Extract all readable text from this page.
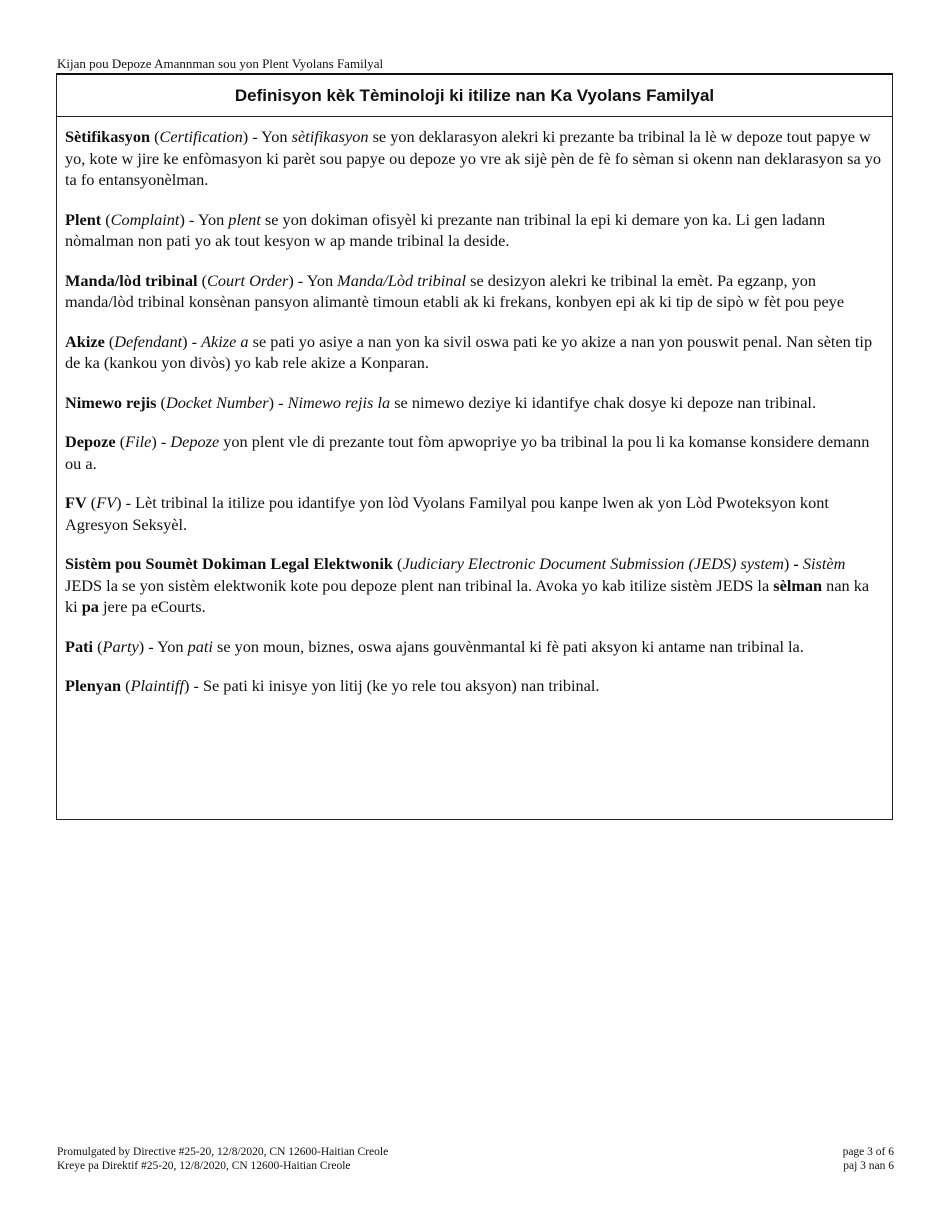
Kijan pou Depoze Amannman sou yon Plent Vyolans Familyal
Definisyon kèk Tèminoloji ki itilize nan Ka Vyolans Familyal

Sètifikasyon (Certification) - Yon sètifikasyon se yon deklarasyon alekri ki prezante ba tribinal la lè w depoze tout papye w yo, kote w jire ke enfòmasyon ki parèt sou papye ou depoze yo vre ak sijè pèn de fè fo sèman si okenn nan deklarasyon sa yo ta fo entansyonèlman.

Plent (Complaint) - Yon plent se yon dokiman ofisyèl ki prezante nan tribinal la epi ki demare yon ka. Li gen ladann nòmalman non pati yo ak tout kesyon w ap mande tribinal la deside.

Manda/lòd tribinal (Court Order) - Yon Manda/Lòd tribinal se desizyon alekri ke tribinal la emèt. Pa egzanp, yon manda/lòd tribinal konsènan pansyon alimantè timoun etabli ak ki frekans, konbyen epi ak ki tip de sipò w fèt pou peye

Akize (Defendant) - Akize a se pati yo asiye a nan yon ka sivil oswa pati ke yo akize a nan yon pouswit penal. Nan sèten tip de ka (kankou yon divòs) yo kab rele akize a Konparan.

Nimewo rejis (Docket Number) - Nimewo rejis la se nimewo deziye ki idantifye chak dosye ki depoze nan tribinal.

Depoze (File) - Depoze yon plent vle di prezante tout fòm apwopriye yo ba tribinal la pou li ka komanse konsidere demann ou a.

FV (FV) - Lèt tribinal la itilize pou idantifye yon lòd Vyolans Familyal pou kanpe lwen ak yon Lòd Pwoteksyon kont Agresyon Seksyèl.

Sistèm pou Soumèt Dokiman Legal Elektwonik (Judiciary Electronic Document Submission (JEDS) system) - Sistèm JEDS la se yon sistèm elektwonik kote pou depoze plent nan tribinal la. Avoka yo kab itilize sistèm JEDS la sèlman nan ka ki pa jere pa eCourts.

Pati (Party) - Yon pati se yon moun, biznes, oswa ajans gouvènmantal ki fè pati aksyon ki antame nan tribinal la.

Plenyan (Plaintiff) - Se pati ki inisye yon litij (ke yo rele tou aksyon) nan tribinal.

Promulgated by Directive #25-20, 12/8/2020, CN 12600-Haitian Creole	page 3 of 6
Kreye pa Direktif #25-20, 12/8/2020, CN 12600-Haitian Creole	paj 3 nan 6
